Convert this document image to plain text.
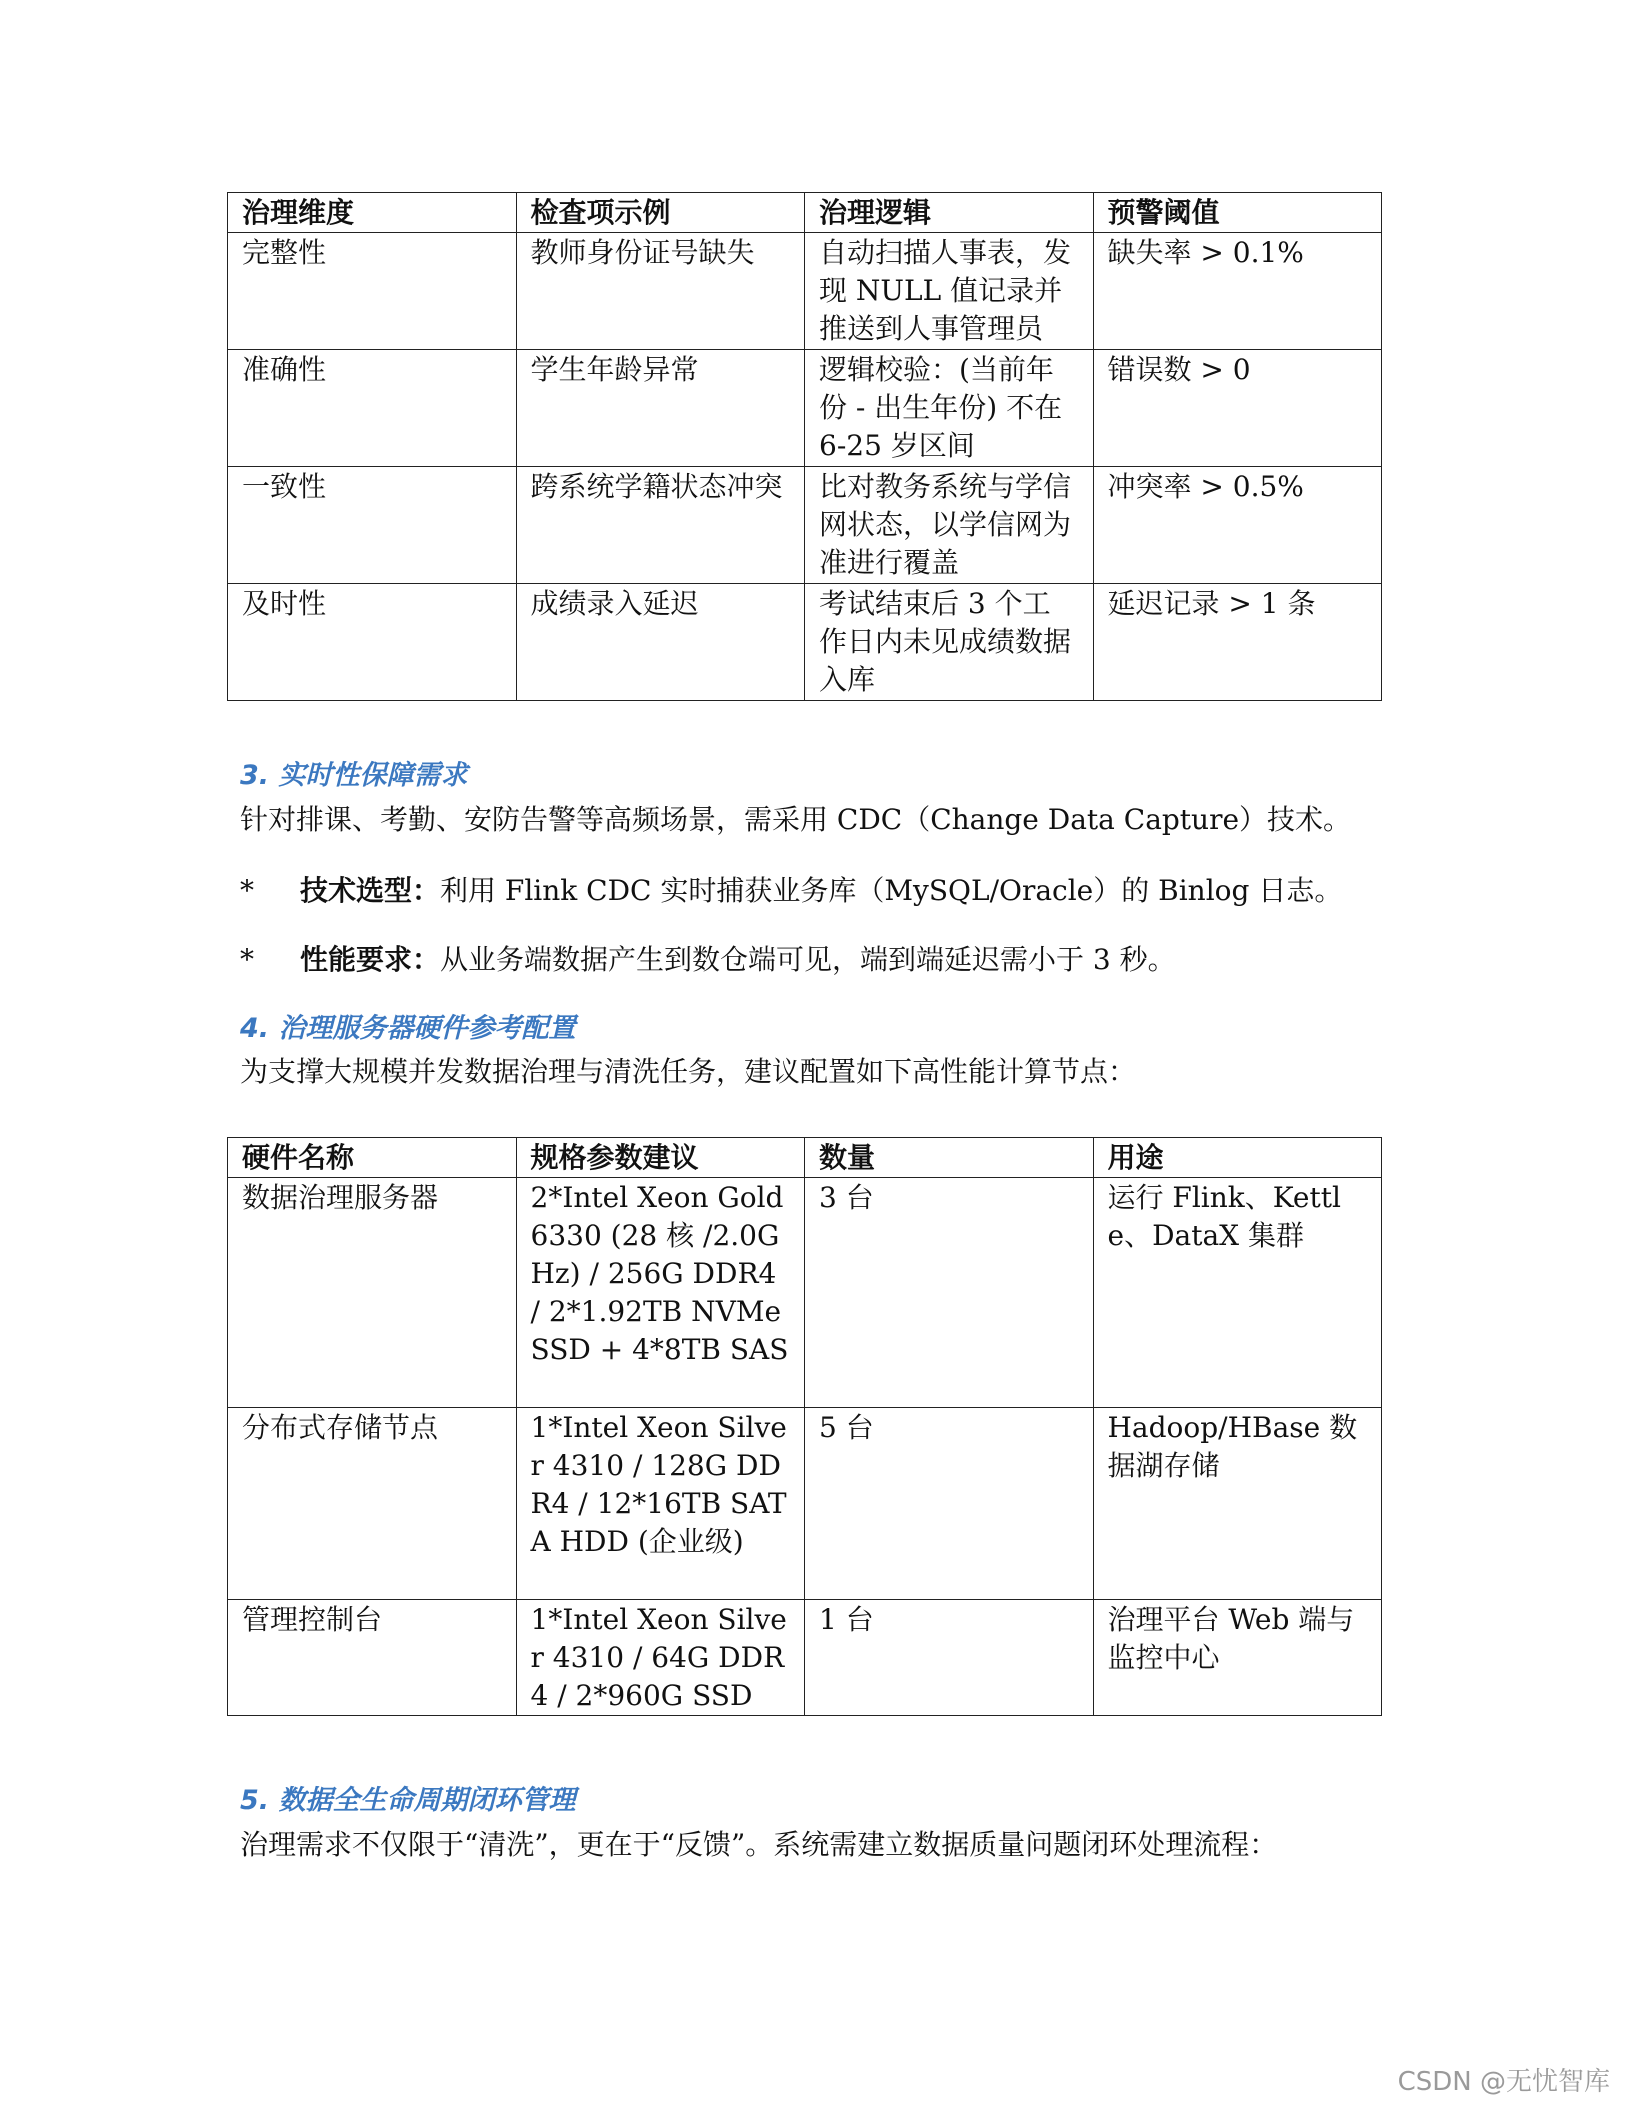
治理维度	检查项示例	治理逻辑	预警阈值
完整性	教师身份证号缺失	自动扫描人事表，发现 NULL 值记录并推送到人事管理员	缺失率 > 0.1%
准确性	学生年龄异常	逻辑校验：(当前年份 - 出生年份) 不在 6-25 岁区间	错误数 > 0
一致性	跨系统学籍状态冲突	比对教务系统与学信网状态，以学信网为准进行覆盖	冲突率 > 0.5%
及时性	成绩录入延迟	考试结束后 3 个工作日内未见成绩数据入库	延迟记录 > 1 条
3. 实时性保障需求

针对排课、考勤、安防告警等高频场景，需采用 CDC（Change Data Capture）技术。

* 技术选型：利用 Flink CDC 实时捕获业务库（MySQL/Oracle）的 Binlog 日志。
* 性能要求：从业务端数据产生到数仓端可见，端到端延迟需小于 3 秒。
4. 治理服务器硬件参考配置

为支撑大规模并发数据治理与清洗任务，建议配置如下高性能计算节点：

硬件名称	规格参数建议	数量	用途
数据治理服务器	2*Intel Xeon Gold 6330 (28 核 /2.0GHz) / 256G DDR4 / 2*1.92TB NVMe SSD + 4*8TB SAS	3 台	运行 Flink、Kettle、DataX 集群
分布式存储节点	1*Intel Xeon Silver 4310 / 128G DDR4 / 12*16TB SATA HDD (企业级)	5 台	Hadoop/HBase 数据湖存储
管理控制台	1*Intel Xeon Silver 4310 / 64G DDR4 / 2*960G SSD	1 台	治理平台 Web 端与监控中心
5. 数据全生命周期闭环管理

治理需求不仅限于“清洗”，更在于“反馈”。系统需建立数据质量问题闭环处理流程：

CSDN @无忧智库
